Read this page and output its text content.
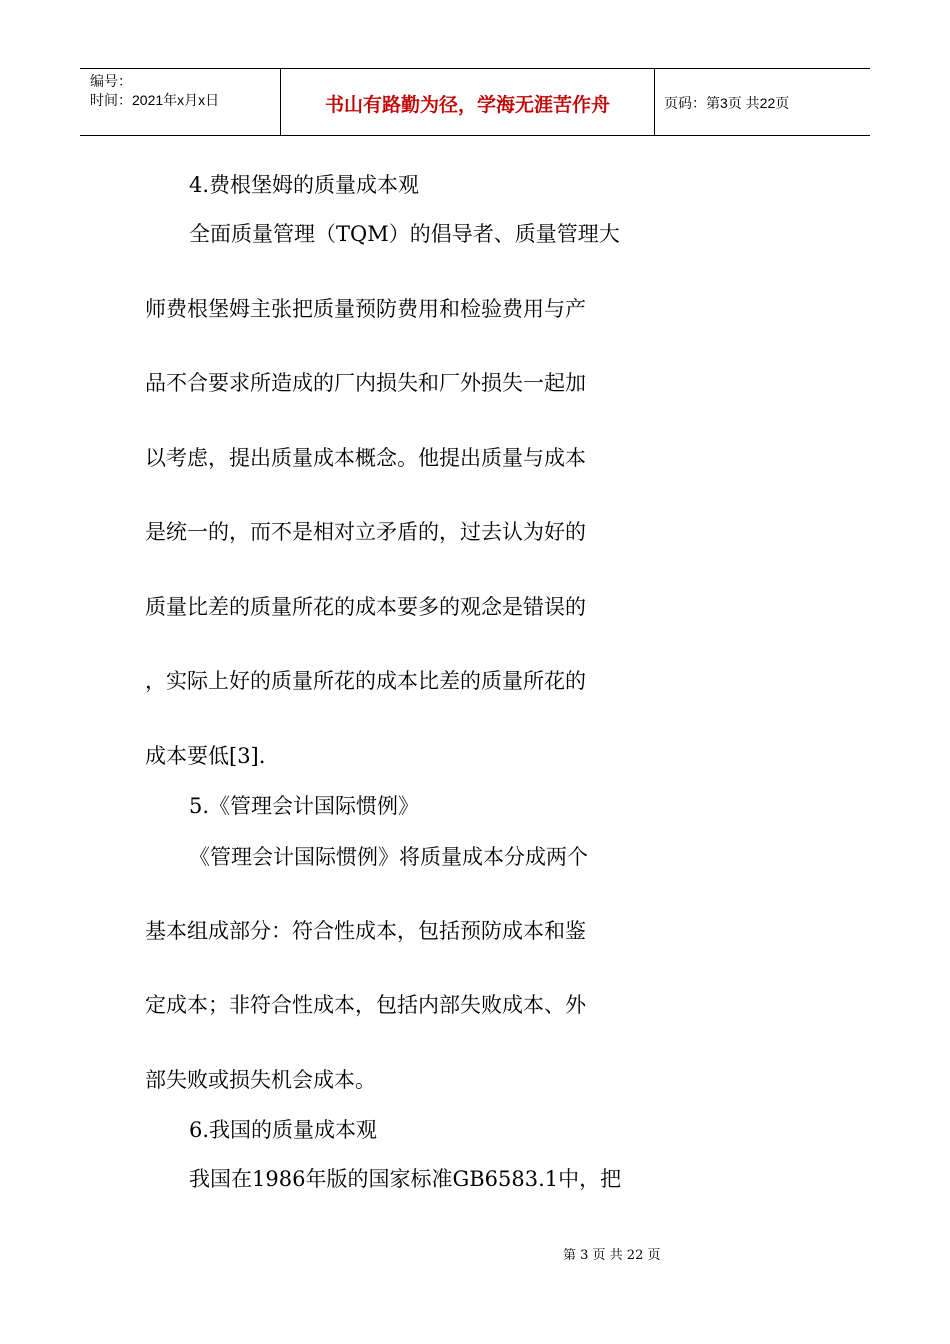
编号：
时间：2021年x月x日	书山有路勤为径，学海无涯苦作舟	页码：第3页 共22页
4.费根堡姆的质量成本观
全面质量管理（TQM）的倡导者、质量管理大
师费根堡姆主张把质量预防费用和检验费用与产
品不合要求所造成的厂内损失和厂外损失一起加
以考虑，提出质量成本概念。他提出质量与成本
是统一的，而不是相对立矛盾的，过去认为好的
质量比差的质量所花的成本要多的观念是错误的
，实际上好的质量所花的成本比差的质量所花的
成本要低[3].
5.《管理会计国际惯例》
《管理会计国际惯例》将质量成本分成两个
基本组成部分：符合性成本，包括预防成本和鉴
定成本；非符合性成本，包括内部失败成本、外
部失败或损失机会成本。
6.我国的质量成本观
我国在1986年版的国家标准GB6583.1中，把
第 3 页 共 22 页
